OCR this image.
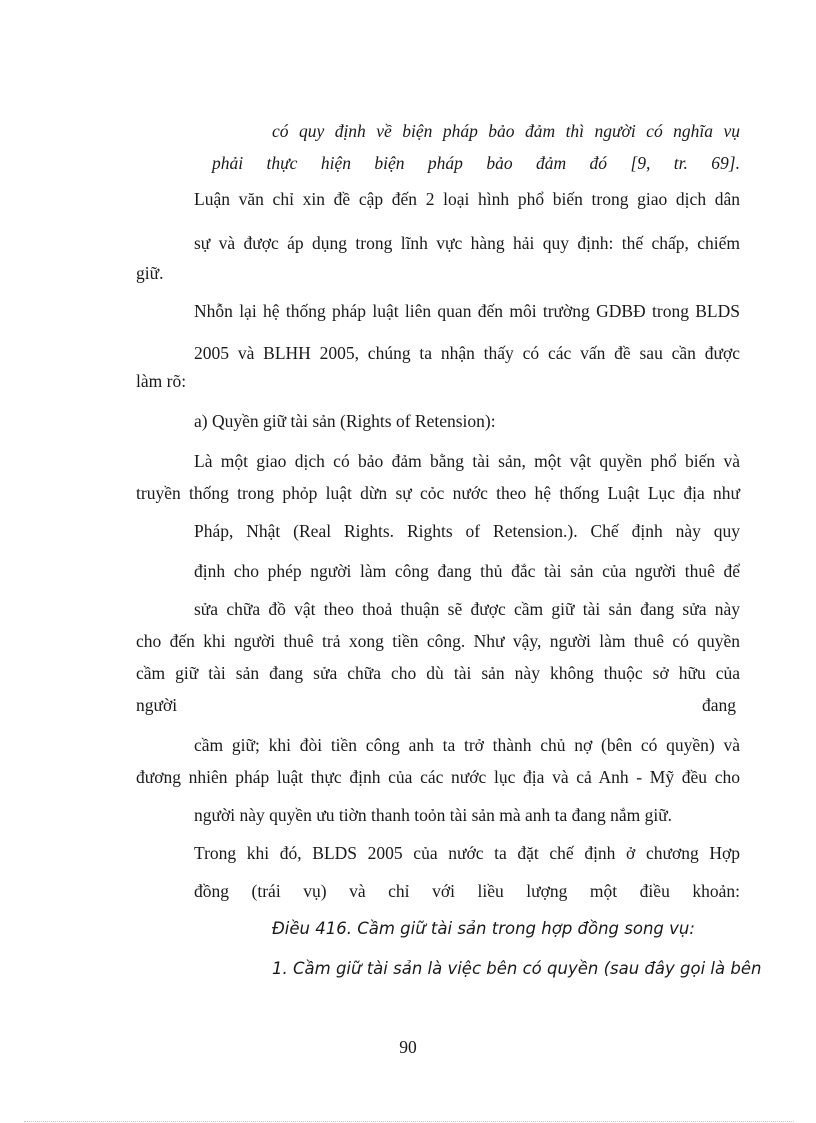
có quy định về biện pháp bảo đảm thì người có nghĩa vụ
phải thực hiện biện pháp bảo đảm đó [9, tr. 69].
Luận văn chỉ xin đề cập đến 2 loại hình phổ biến trong giao dịch dân
sự và được áp dụng trong lĩnh vực hàng hải quy định: thế chấp, chiếm
giữ.
Nhỗn lại hệ thống pháp luật liên quan đến môi trường GDBĐ trong BLDS
2005 và BLHH 2005, chúng ta nhận thấy có các vấn đề sau cần được
làm rõ:
a) Quyền giữ tài sản (Rights of Retension):
Là một giao dịch có bảo đảm bằng tài sản, một vật quyền phổ biến và
truyền thống trong phỏp luật dừn sự cỏc nước theo hệ thống Luật Lục địa như
Pháp, Nhật (Real Rights. Rights of Retension.). Chế định này quy
định cho phép người làm công đang thủ đắc tài sản của người thuê để
sửa chữa đồ vật theo thoả thuận sẽ được cầm giữ tài sản đang sửa này
cho đến khi người thuê trả xong tiền công. Như vậy, người làm thuê có quyền
cầm giữ tài sản đang sửa chữa cho dù tài sản này không thuộc sở hữu của
người	đang
cầm giữ; khi đòi tiền công anh ta trở thành chủ nợ (bên có quyền) và
đương nhiên pháp luật thực định của các nước lục địa và cả Anh - Mỹ đều cho
người này quyền ưu tiờn thanh toỏn tài sản mà anh ta đang nắm giữ.
Trong khi đó, BLDS 2005 của nước ta đặt chế định ở chương Hợp
đồng (trái vụ) và chỉ với liều lượng một điều khoản:
Điều 416. Cầm giữ tài sản trong hợp đồng song vụ:
1. Cầm giữ tài sản là việc bên có quyền (sau đây gọi là bên
90
